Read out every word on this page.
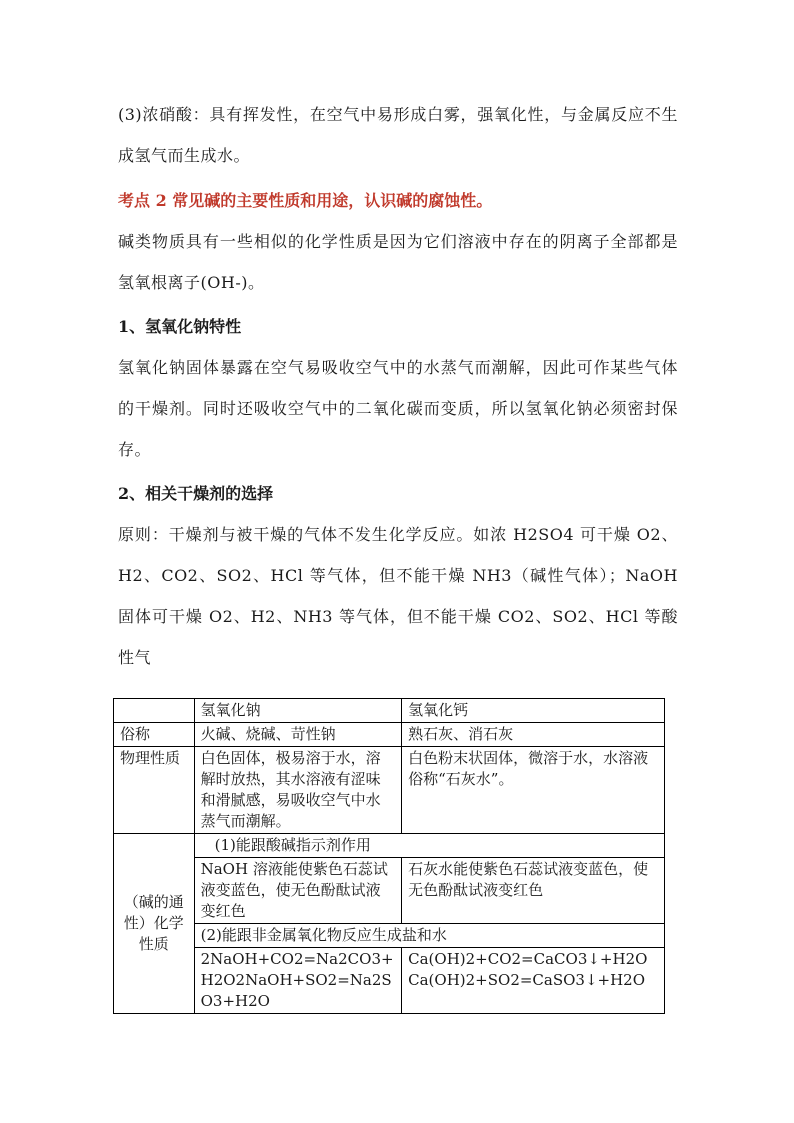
(3)浓硝酸：具有挥发性，在空气中易形成白雾，强氧化性，与金属反应不生成氢气而生成水。

考点 2 常见碱的主要性质和用途，认识碱的腐蚀性。

碱类物质具有一些相似的化学性质是因为它们溶液中存在的阴离子全部都是氢氧根离子(OH-)。

1、氢氧化钠特性

氢氧化钠固体暴露在空气易吸收空气中的水蒸气而潮解，因此可作某些气体的干燥剂。同时还吸收空气中的二氧化碳而变质，所以氢氧化钠必须密封保存。

2、相关干燥剂的选择

原则：干燥剂与被干燥的气体不发生化学反应。如浓 H2SO4 可干燥 O2、H2、CO2、SO2、HCl 等气体，但不能干燥 NH3（碱性气体）；NaOH 固体可干燥 O2、H2、NH3 等气体，但不能干燥 CO2、SO2、HCl 等酸性气

	氢氧化钠	氢氧化钙
俗称	火碱、烧碱、苛性钠	熟石灰、消石灰
物理性质	白色固体，极易溶于水，溶解时放热，其水溶液有涩味和滑腻感，易吸收空气中水蒸气而潮解。	白色粉末状固体，微溶于水，水溶液俗称“石灰水”。
（碱的通性）化学性质	(1)能跟酸碱指示剂作用	
	NaOH 溶液能使紫色石蕊试液变蓝色，使无色酚酞试液变红色	石灰水能使紫色石蕊试液变蓝色，使无色酚酞试液变红色
	(2)能跟非金属氧化物反应生成盐和水	
	2NaOH+CO2=Na2CO3+H2O2NaOH+SO2=Na2SO3+H2O	Ca(OH)2+CO2=CaCO3↓+H2OCa(OH)2+SO2=CaSO3↓+H2O
